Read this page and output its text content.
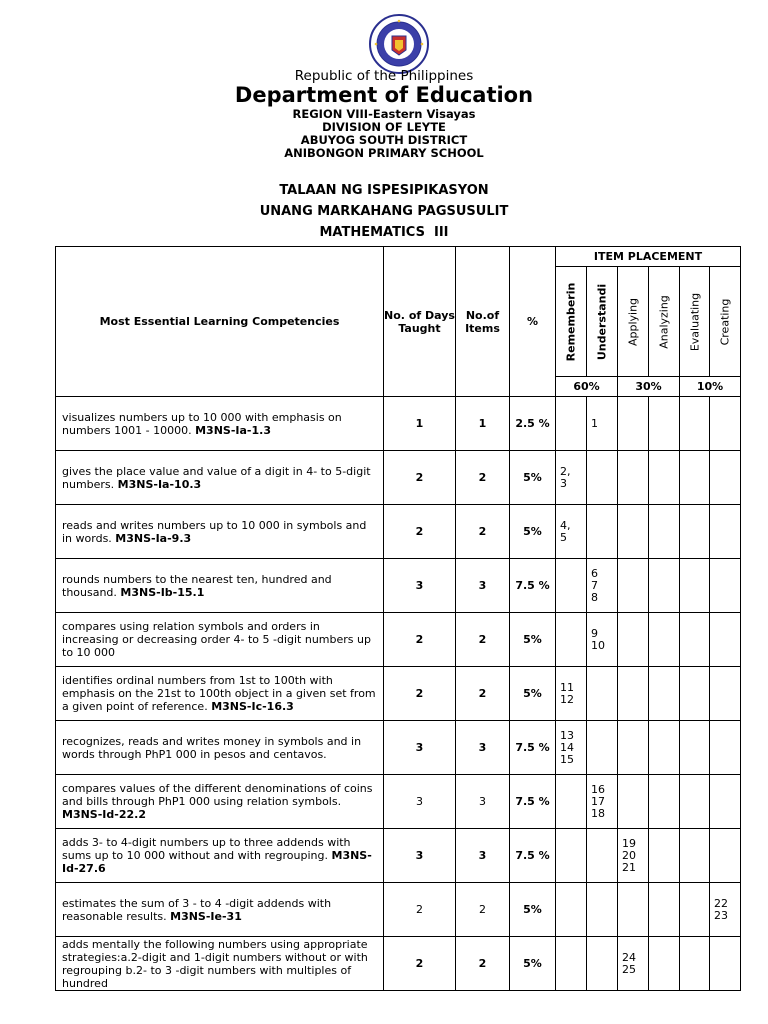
Republic of the Philippines
Department of Education
REGION VIII-Eastern Visayas
DIVISION OF LEYTE
ABUYOG SOUTH DISTRICT
ANIBONGON PRIMARY SCHOOL
TALAAN NG ISPESIPIKASYON
UNANG MARKAHANG PAGSUSULIT
MATHEMATICS  III
Most Essential Learning Competencies	No. of Days Taught	No.of Items	%	ITEM PLACEMENT					

				Rememberin	Understandi	Applying	Analyzing	Evaluating	Creating

				60%		30%		10%	
visualizes numbers up to 10 000 with emphasis on numbers 1001 - 10000. M3NS-Ia-1.3	1	1	2.5 %		1				

gives the place value and value of a digit in 4- to 5-digit numbers. M3NS-Ia-10.3	2	2	5%	2,
3					

reads and writes numbers up to 10 000 in symbols and in words. M3NS-Ia-9.3	2	2	5%	4,
5					

rounds numbers to the nearest ten, hundred and thousand. M3NS-Ib-15.1	3	3	7.5 %		6
7
8				

compares using relation symbols and orders in increasing or decreasing order 4- to 5 -digit numbers up to 10 000	2	2	5%		9
10				

identifies ordinal numbers from 1st to 100th with emphasis on the 21st to 100th object in a given set from a given point of reference. M3NS-Ic-16.3	2	2	5%	11
12					

recognizes, reads and writes money in symbols and in words through PhP1 000 in pesos and centavos.	3	3	7.5 %	13
14
15					

compares values of the different denominations of coins and bills through PhP1 000 using relation symbols. M3NS-Id-22.2	3	3	7.5 %		16
17
18				

adds 3- to 4-digit numbers up to three addends with sums up to 10 000 without and with regrouping. M3NS-Id-27.6	3	3	7.5 %			19
20
21			

estimates the sum of 3 - to 4 -digit addends with reasonable results. M3NS-Ie-31	2	2	5%						22
23

adds mentally the following numbers using appropriate strategies:a.2-digit and 1-digit numbers without or with regrouping b.2- to 3 -digit numbers with multiples of hundred	2	2	5%			24
25			
